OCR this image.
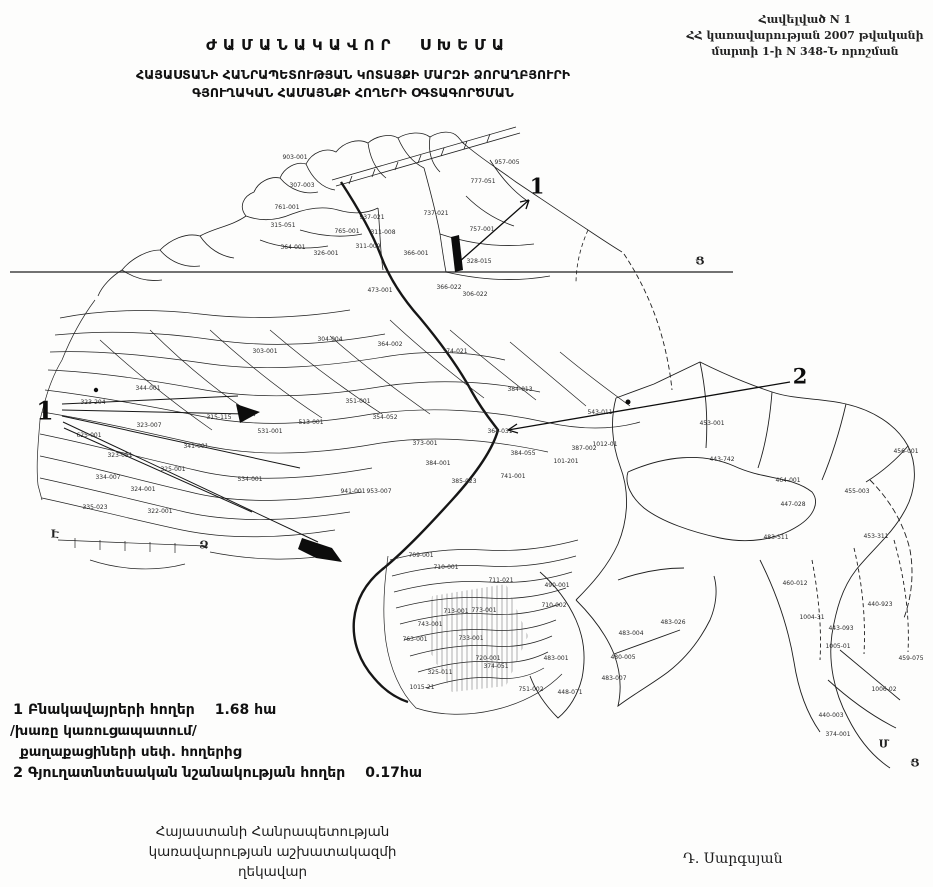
Հավելված N 1
ՀՀ կառավարության 2007 թվականի
մարտի 1-ի N 348-Ն որոշման
ԺԱՄԱՆԱԿԱՎՈՐ ՍԽԵՄԱ
ՀԱՅԱՍՏԱՆԻ ՀԱՆՐԱՊԵՏՈՒԹՅԱՆ ԿՈՏԱՅՔԻ ՄԱՐԶԻ ՁՈՐԱՂԲՅՈՒՐԻ
ԳՅՈՒՂԱԿԱՆ ՀԱՄԱՅՆՔԻ ՀՈՂԵՐԻ ՕԳՏԱԳՈՐԾՄԱՆ
903-001
307-003
957-005
777-051
761-001
315-051
937-021
737-021
757-001
765-001 311-008
311-009
364-001
326-001	366-001
328-015
306-022
366-022
473-001
303-001
304-004
364-002
374-021
384-013
344-001
323-204
315-115
323-007
625-001
513-001
531-001
341-001
323-051
325-001
334-007
324-001
335-023
322-001
534-001
941-001 953-007
385-023
741-001
384-055
101-201
387-002
1012-01
384-001
373-001
364-031
351-001
354-052
543-011
453-001
443-742
464-001
455-003
447-028
456-001
453-311
483-511
460-012
440-923
1004-31
443-093
1005-01
459-075
1006-02
440-003
374-001
490-001
710-002
483-026
483-004
480-005
483-007
483-001
448-071
709-001
710-001
711-021
743-001
773-001
713-001
733-001
763-001
720-001
374-051
325-011
1015-21	751-002
Ց
Է
Ձ
Մ
Ց
1
1
2
1 Բնակավայրերի հողեր 1.68 հա
/խառը կառուցապատում/
քաղաքացիների սեփ. հողերից
2 Գյուղատնտեսական նշանակության հողեր 0.17հա
Հայաստանի Հանրապետության
կառավարության աշխատակազմի
ղեկավար
Դ. Սարգսյան
